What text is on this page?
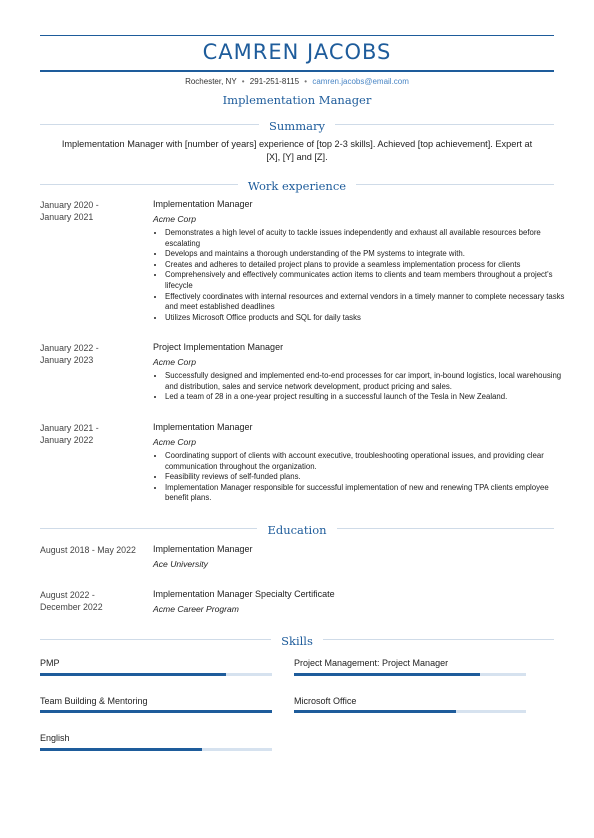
CAMREN JACOBS
Rochester, NY • 291-251-8115 • camren.jacobs@email.com
Implementation Manager
Summary
Implementation Manager with [number of years] experience of [top 2-3 skills]. Achieved [top achievement]. Expert at [X], [Y] and [Z].
Work experience
January 2020 -
January 2021
Implementation Manager
Acme Corp
• Demonstrates a high level of acuity to tackle issues independently and exhaust all available resources before escalating
• Develops and maintains a thorough understanding of the PM systems to integrate with.
• Creates and adheres to detailed project plans to provide a seamless implementation process for clients
• Comprehensively and effectively communicates action items to clients and team members throughout a project's lifecycle
• Effectively coordinates with internal resources and external vendors in a timely manner to complete necessary tasks and meet established deadlines
• Utilizes Microsoft Office products and SQL for daily tasks
January 2022 -
January 2023
Project Implementation Manager
Acme Corp
• Successfully designed and implemented end-to-end processes for car import, in-bound logistics, local warehousing and distribution, sales and service network development, product pricing and sales.
• Led a team of 28 in a one-year project resulting in a successful launch of the Tesla in New Zealand.
January 2021 -
January 2022
Implementation Manager
Acme Corp
• Coordinating support of clients with account executive, troubleshooting operational issues, and providing clear communication throughout the organization.
• Feasibility reviews of self-funded plans.
• Implementation Manager responsible for successful implementation of new and renewing TPA clients employee benefit plans.
Education
August 2018 - May 2022	Implementation Manager
Ace University
August 2022 -
December 2022
Implementation Manager Specialty Certificate
Acme Career Program
Skills
PMP	Project Management: Project Manager
Team Building & Mentoring	Microsoft Office
English
